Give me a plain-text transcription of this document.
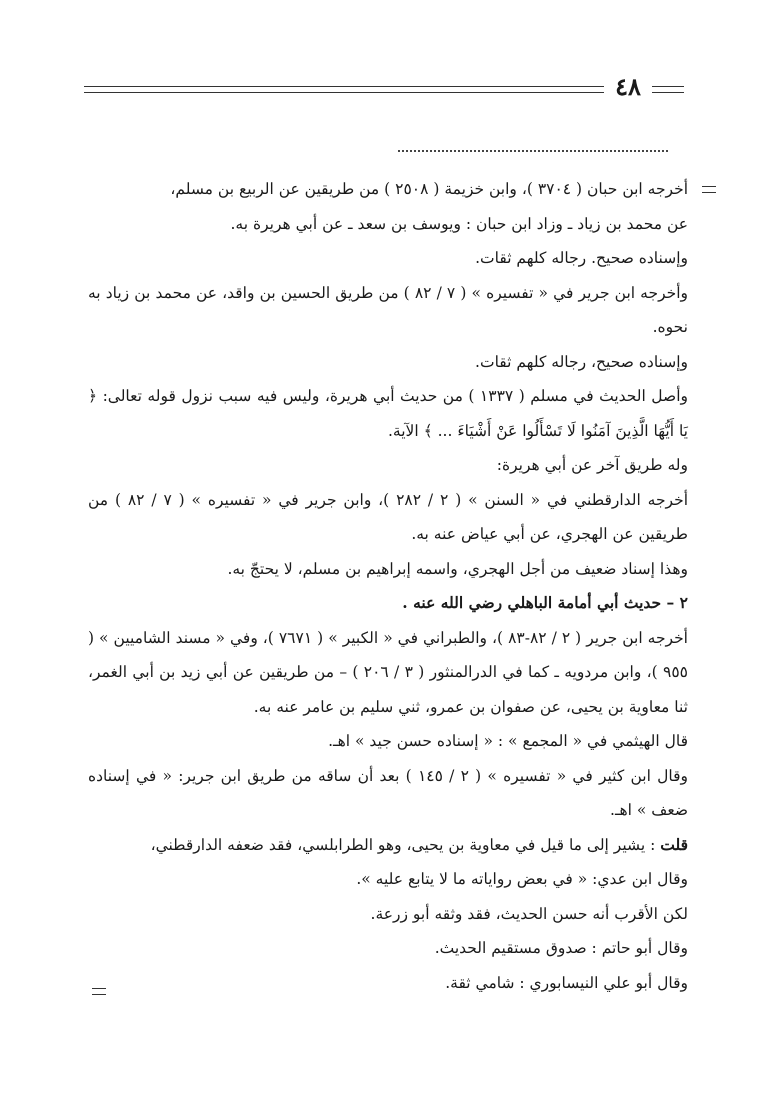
٤٨

أخرجه ابن حبان ( ٣٧٠٤ )، وابن خزيمة ( ٢٥٠٨ ) من طريقين عن الربيع بن مسلم،

عن محمد بن زياد ـ وزاد ابن حبان : ويوسف بن سعد ـ عن أبي هريرة به.

وإسناده صحيح. رجاله كلهم ثقات.

وأخرجه ابن جرير في « تفسيره » ( ٧ / ٨٢ ) من طريق الحسين بن واقد، عن محمد بن زياد به نحوه.

وإسناده صحيح، رجاله كلهم ثقات.

وأصل الحديث في مسلم ( ١٣٣٧ ) من حديث أبي هريرة، وليس فيه سبب نزول قوله تعالى: ﴿ يَا أَيُّهَا الَّذِينَ آمَنُوا لَا تَسْأَلُوا عَنْ أَشْيَاءَ ... ﴾ الآية.

وله طريق آخر عن أبي هريرة:

أخرجه الدارقطني في « السنن » ( ٢ / ٢٨٢ )، وابن جرير في « تفسيره » ( ٧ / ٨٢ ) من طريقين عن الهجري، عن أبي عياض عنه به.

وهذا إسناد ضعيف من أجل الهجري، واسمه إبراهيم بن مسلم، لا يحتجّ به.

٢ – حديث أبي أمامة الباهلي رضي الله عنه .

أخرجه ابن جرير ( ٢ / ٨٢-٨٣ )، والطبراني في « الكبير » ( ٧٦٧١ )، وفي « مسند الشاميين » ( ٩٥٥ )، وابن مردويه ـ كما في الدرالمنثور ( ٣ / ٢٠٦ ) – من طريقين عن أبي زيد بن أبي الغمر، ثنا معاوية بن يحيى، عن صفوان بن عمرو، ثني سليم بن عامر عنه به.

قال الهيثمي في « المجمع » : « إسناده حسن جيد » اهـ.

وقال ابن كثير في « تفسيره » ( ٢ / ١٤٥ ) بعد أن ساقه من طريق ابن جرير: « في إسناده ضعف » اهـ.

قلت : يشير إلى ما قيل في معاوية بن يحيى، وهو الطرابلسي، فقد ضعفه الدارقطني،

وقال ابن عدي: « في بعض رواياته ما لا يتابع عليه ».

لكن الأقرب أنه حسن الحديث، فقد وثقه أبو زرعة.

وقال أبو حاتم : صدوق مستقيم الحديث.

وقال أبو علي النيسابوري : شامي ثقة.
